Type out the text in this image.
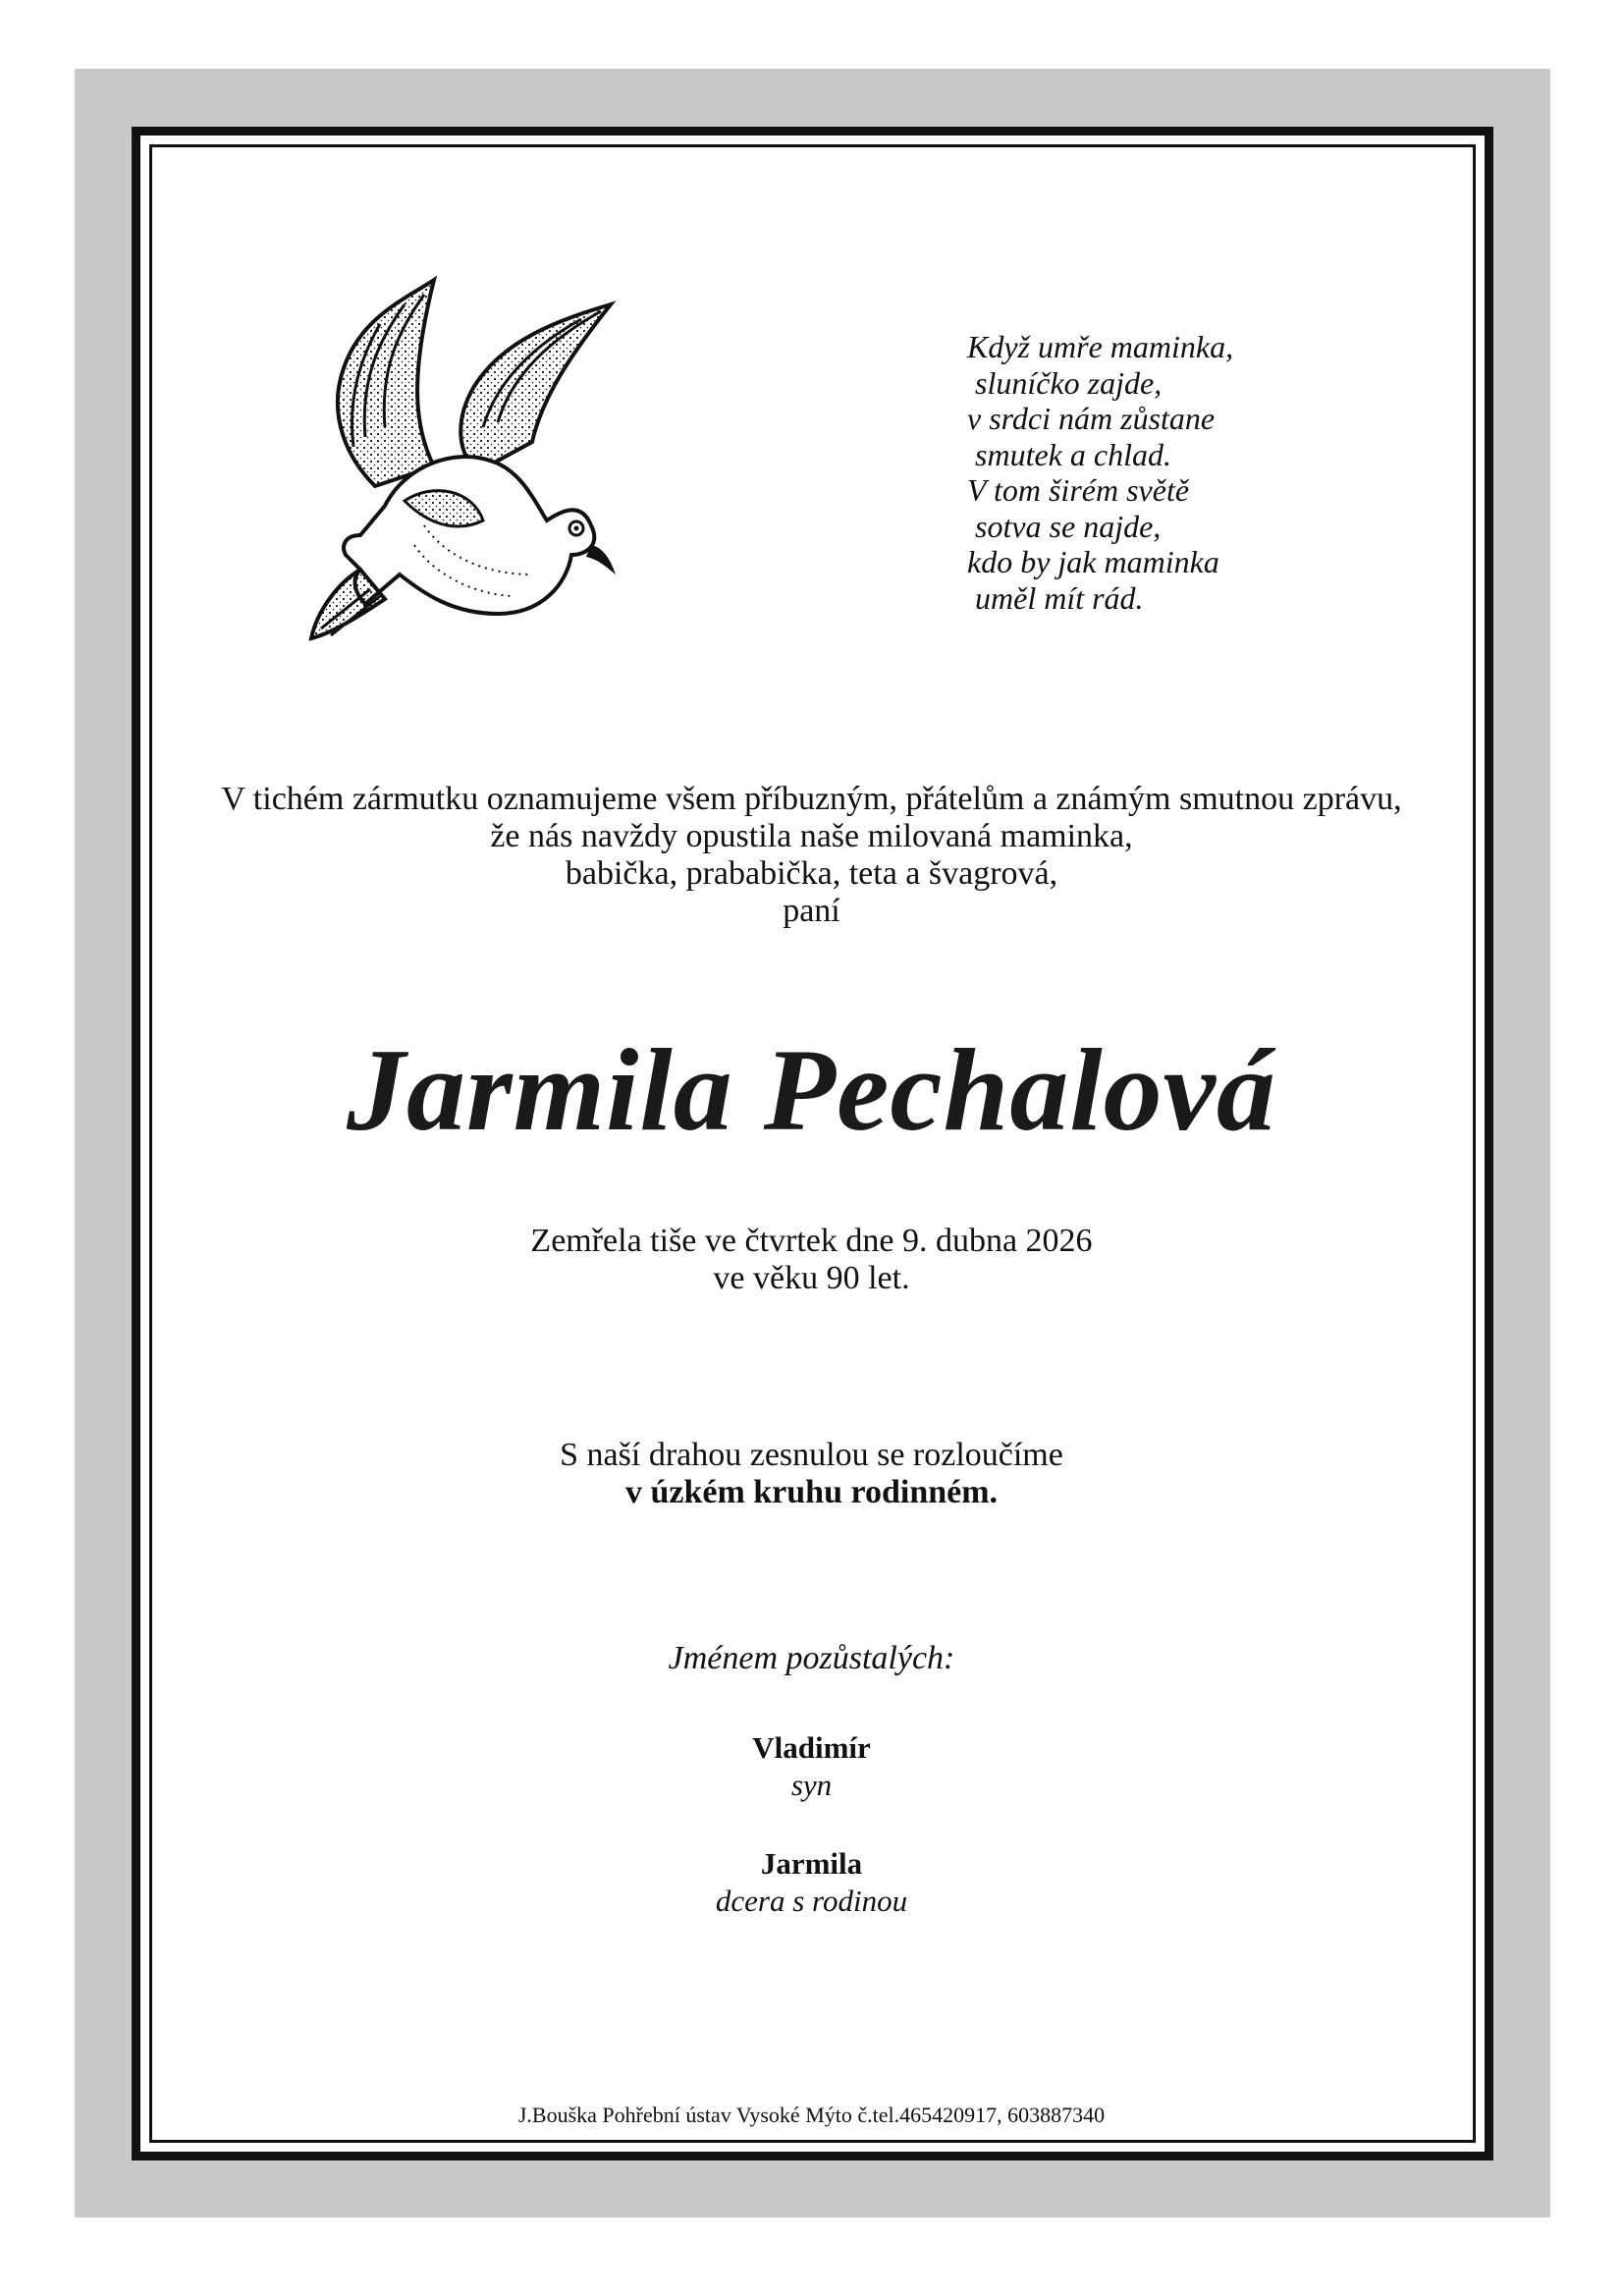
Když umře maminka,
sluníčko zajde,
v srdci nám zůstane
smutek a chlad.
V tom širém světě
sotva se najde,
kdo by jak maminka
uměl mít rád.
V tichém zármutku oznamujeme všem příbuzným, přátelům a známým smutnou zprávu,
že nás navždy opustila naše milovaná maminka,
babička, prababička, teta a švagrová,
paní
Jarmila Pechalová
Zemřela tiše ve čtvrtek dne 9. dubna 2026
ve věku 90 let.
S naší drahou zesnulou se rozloučíme
v úzkém kruhu rodinném.
Jménem pozůstalých:
Vladimír
syn
Jarmila
dcera s rodinou
J.Bouška Pohřební ústav Vysoké Mýto č.tel.465420917, 603887340
